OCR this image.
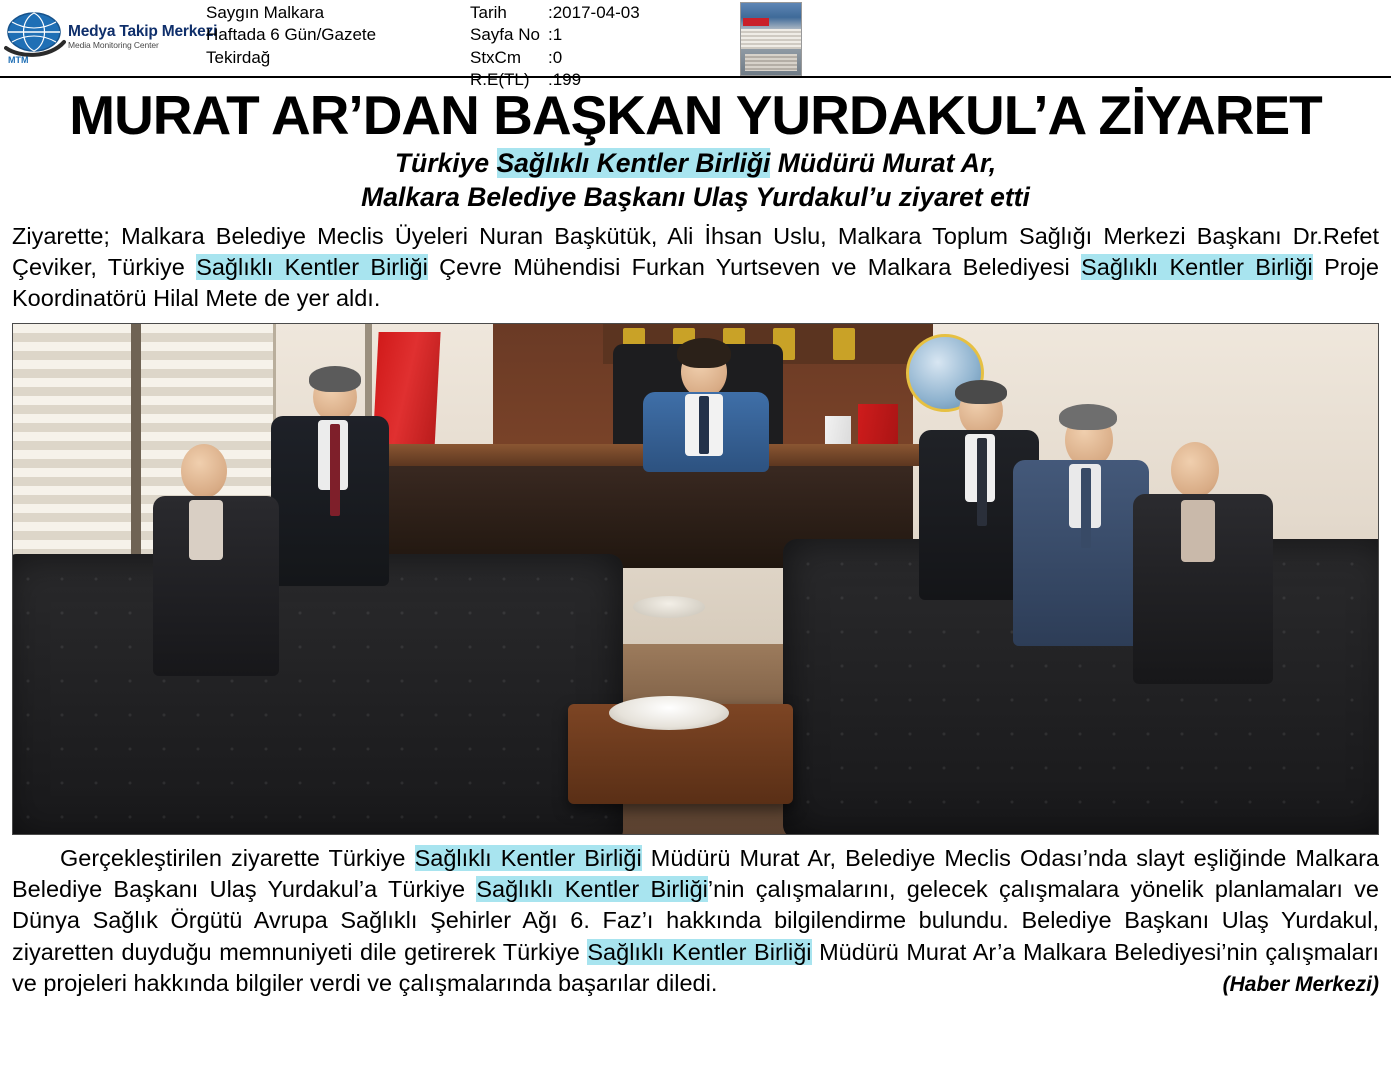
MTM
Medya Takip Merkezi
Media Monitoring Center
Saygın Malkara
Haftada 6 Gün/Gazete
Tekirdağ
Tarih	:2017-04-03
Sayfa No :1
StxCm	:0
R.E(TL)	:199
MURAT AR’DAN BAŞKAN YURDAKUL’A ZİYARET
Türkiye Sağlıklı Kentler Birliği Müdürü Murat Ar,
Malkara Belediye Başkanı Ulaş Yurdakul’u ziyaret etti
Ziyarette; Malkara Belediye Meclis Üyeleri Nuran Başkütük, Ali İhsan Uslu, Malkara Toplum Sağlığı Merkezi Başkanı Dr.Refet Çeviker, Türkiye Sağlıklı Kentler Birliği Çevre Mühendisi Furkan Yurtseven ve Malkara Belediyesi Sağlıklı Kentler Birliği Proje Koordinatörü Hilal Mete de yer aldı.
Gerçekleştirilen ziyarette Türkiye Sağlıklı Kentler Birliği Müdürü Murat Ar, Belediye Meclis Odası’nda slayt eşliğinde Malkara Belediye Başkanı Ulaş Yurdakul’a Türkiye Sağlıklı Kentler Birliği’nin çalışmalarını, gelecek çalışmalara yönelik planlamaları ve Dünya Sağlık Örgütü Avrupa Sağlıklı Şehirler Ağı 6. Faz’ı hakkında bilgilendirme bulundu. Belediye Başkanı Ulaş Yurdakul, ziyaretten duyduğu memnuniyeti dile getirerek Türkiye Sağlıklı Kentler Birliği Müdürü Murat Ar’a Malkara Belediyesi’nin çalışmaları ve projeleri hakkında bilgiler verdi ve çalışmalarında başarılar diledi.	(Haber Merkezi)
